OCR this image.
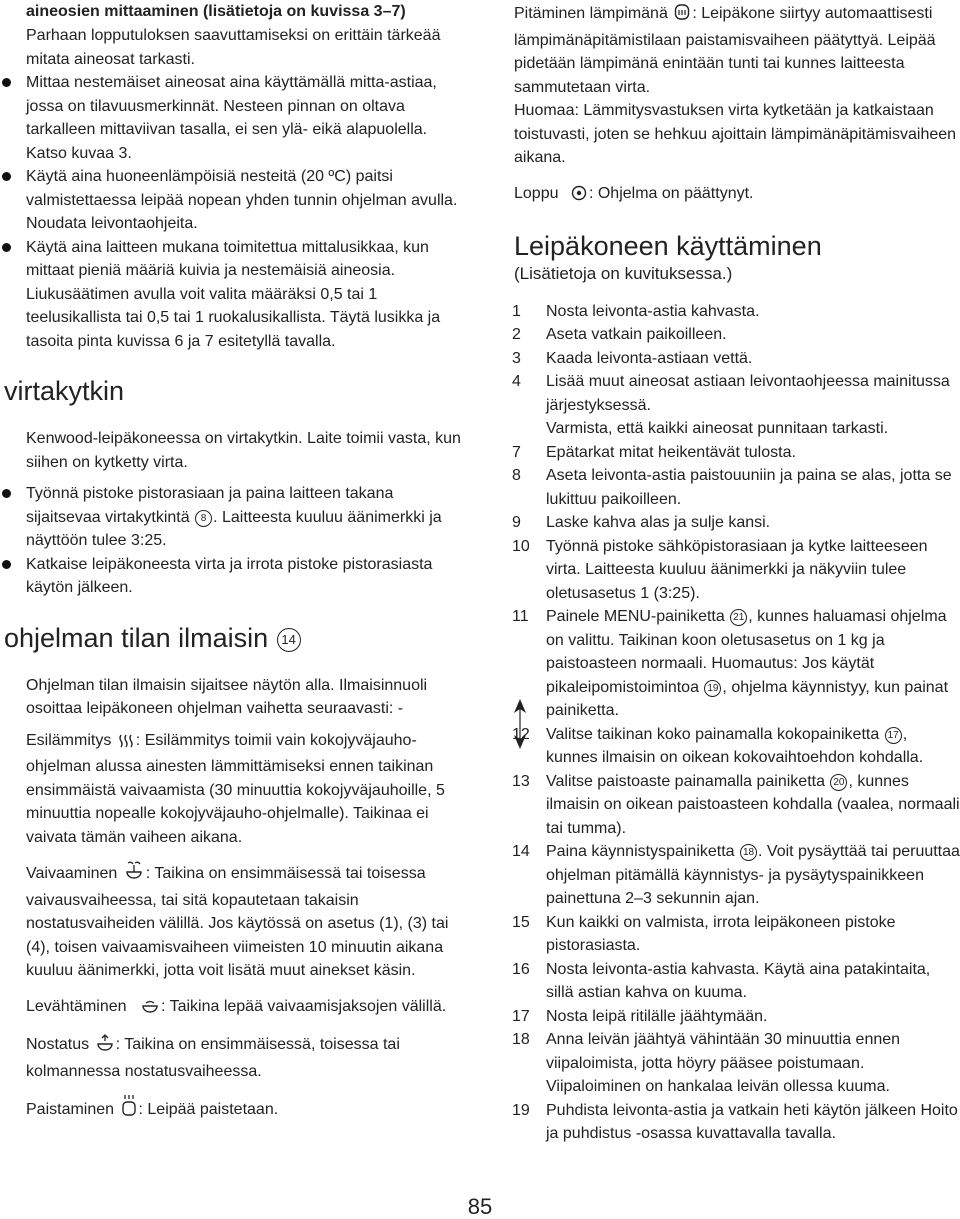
aineosien mittaaminen (lisätietoja on kuvissa 3–7)

Parhaan lopputuloksen saavuttamiseksi on erittäin tärkeää mitata aineosat tarkasti.

Mittaa nestemäiset aineosat aina käyttämällä mitta-astiaa, jossa on tilavuusmerkinnät. Nesteen pinnan on oltava tarkalleen mittaviivan tasalla, ei sen ylä- eikä alapuolella. Katso kuvaa 3.

Käytä aina huoneenlämpöisiä nesteitä (20 ºC) paitsi valmistettaessa leipää nopean yhden tunnin ohjelman avulla. Noudata leivontaohjeita.

Käytä aina laitteen mukana toimitettua mittalusikkaa, kun mittaat pieniä määriä kuivia ja nestemäisiä aineosia.

Liukusäätimen avulla voit valita määräksi 0,5 tai 1 teelusikallista tai 0,5 tai 1 ruokalusikallista. Täytä lusikka ja tasoita pinta kuvissa 6 ja 7 esitetyllä tavalla.

virtakytkin

Kenwood-leipäkoneessa on virtakytkin. Laite toimii vasta, kun siihen on kytketty virta.

Työnnä pistoke pistorasiaan ja paina laitteen takana sijaitsevaa virtakytkintä 8 . Laitteesta kuuluu äänimerkki ja näyttöön tulee 3:25.

Katkaise leipäkoneesta virta ja irrota pistoke pistorasiasta käytön jälkeen.

ohjelman tilan ilmaisin 14

Ohjelman tilan ilmaisin sijaitsee näytön alla. Ilmaisinnuoli osoittaa leipäkoneen ohjelman vaihetta seuraavasti: -

Esilämmitys : Esilämmitys toimii vain kokojyväjauho-ohjelman alussa ainesten lämmittämiseksi ennen taikinan ensimmäistä vaivaamista (30 minuuttia kokojyväjauhoille, 5 minuuttia nopealle kokojyväjauho-ohjelmalle). Taikinaa ei vaivata tämän vaiheen aikana.

Vaivaaminen : Taikina on ensimmäisessä tai toisessa vaivausvaiheessa, tai sitä kopautetaan takaisin nostatusvaiheiden välillä. Jos käytössä on asetus (1), (3) tai (4), toisen vaivaamisvaiheen viimeisten 10 minuutin aikana kuuluu äänimerkki, jotta voit lisätä muut ainekset käsin.

Levähtäminen : Taikina lepää vaivaamisjaksojen välillä.

Nostatus : Taikina on ensimmäisessä, toisessa tai kolmannessa nostatusvaiheessa.

Paistaminen : Leipää paistetaan.

Pitäminen lämpimänä : Leipäkone siirtyy automaattisesti lämpimänäpitämistilaan paistamisvaiheen päätyttyä. Leipää pidetään lämpimänä enintään tunti tai kunnes laitteesta sammutetaan virta.

Huomaa: Lämmitysvastuksen virta kytketään ja katkaistaan toistuvasti, joten se hehkuu ajoittain lämpimänäpitämisvaiheen aikana.

Loppu : Ohjelma on päättynyt.

Leipäkoneen käyttäminen

(Lisätietoja on kuvituksessa.)

1	Nosta leivonta-astia kahvasta.
2	Aseta vatkain paikoilleen.
3	Kaada leivonta-astiaan vettä.
4	Lisää muut aineosat astiaan leivontaohjeessa mainitussa järjestyksessä.
Varmista, että kaikki aineosat punnitaan tarkasti.
7	Epätarkat mitat heikentävät tulosta.
8	Aseta leivonta-astia paistouuniin ja paina se alas, jotta se lukittuu paikoilleen.
9	Laske kahva alas ja sulje kansi.
10	Työnnä pistoke sähköpistorasiaan ja kytke laitteeseen virta. Laitteesta kuuluu äänimerkki ja näkyviin tulee oletusasetus 1 (3:25).
11	Painele MENU-painiketta 21 , kunnes haluamasi ohjelma on valittu. Taikinan koon oletusasetus on 1 kg ja paistoasteen normaali. Huomautus: Jos käytät pikaleipomistoimintoa 19 , ohjelma käynnistyy, kun painat painiketta.
12	Valitse taikinan koko painamalla kokopainiketta 17 , kunnes ilmaisin on oikean kokovaihtoehdon kohdalla.
13	Valitse paistoaste painamalla painiketta 20 , kunnes ilmaisin on oikean paistoasteen kohdalla (vaalea, normaali tai tumma).
14	Paina käynnistyspainiketta 18 . Voit pysäyttää tai peruuttaa ohjelman pitämällä käynnistys- ja pysäytyspainikkeen painettuna 2–3 sekunnin ajan.
15	Kun kaikki on valmista, irrota leipäkoneen pistoke pistorasiasta.
16	Nosta leivonta-astia kahvasta. Käytä aina patakintaita, sillä astian kahva on kuuma.
17	Nosta leipä ritilälle jäähtymään.
18	Anna leivän jäähtyä vähintään 30 minuuttia ennen viipaloimista, jotta höyry pääsee poistumaan. Viipaloiminen on hankalaa leivän ollessa kuuma.
19	Puhdista leivonta-astia ja vatkain heti käytön jälkeen Hoito ja puhdistus -osassa kuvattavalla tavalla.
85
